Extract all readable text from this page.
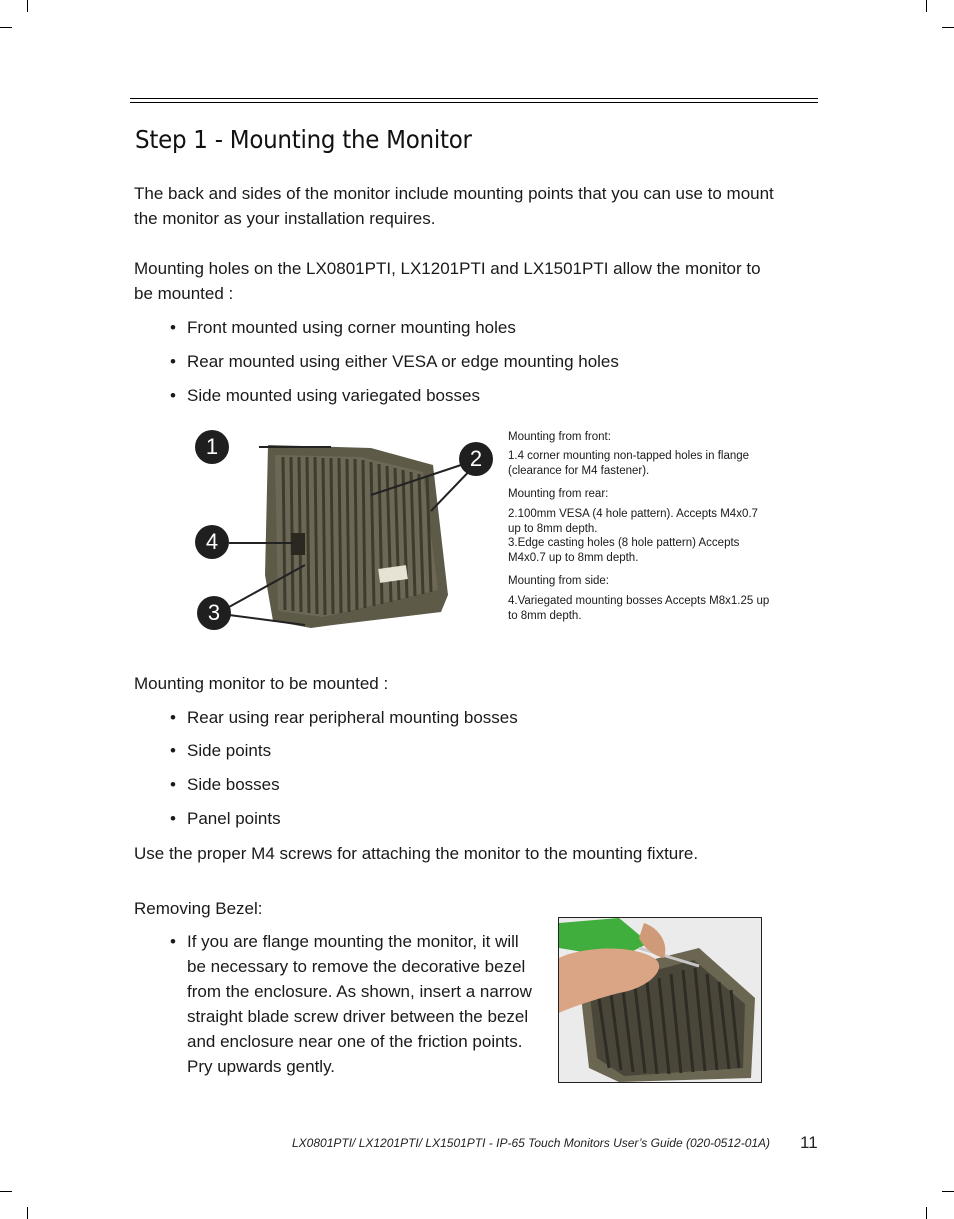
Step 1 - Mounting the Monitor
The back and sides of the monitor include mounting points that you can use to mount the monitor as your installation requires.
Mounting holes on the LX0801PTI, LX1201PTI and LX1501PTI allow the monitor to be mounted :
• Front mounted using corner mounting holes
• Rear mounted using either VESA or edge mounting holes
• Side mounted using variegated bosses
1	2
4
3
Mounting from front:
1.4 corner mounting non-tapped holes in flange (clearance for M4 fastener).
Mounting from rear:
2.100mm VESA (4 hole pattern). Accepts M4x0.7 up to 8mm depth.
3.Edge casting holes (8 hole pattern) Accepts M4x0.7 up to 8mm depth.
Mounting from side:
4.Variegated mounting bosses Accepts M8x1.25 up to 8mm depth.
Mounting monitor to be mounted :
• Rear using rear peripheral mounting bosses
• Side points
• Side bosses
• Panel points
Use the proper M4 screws for attaching the monitor to the mounting fixture.
Removing Bezel:
• If you are flange mounting the monitor, it will be necessary to remove the decorative bezel from the enclosure. As shown, insert a narrow straight blade screw driver between the bezel and enclosure near one of the friction points. Pry upwards gently.
LX0801PTI/ LX1201PTI/ LX1501PTI - IP-65 Touch Monitors User’s Guide (020-0512-01A) 11
